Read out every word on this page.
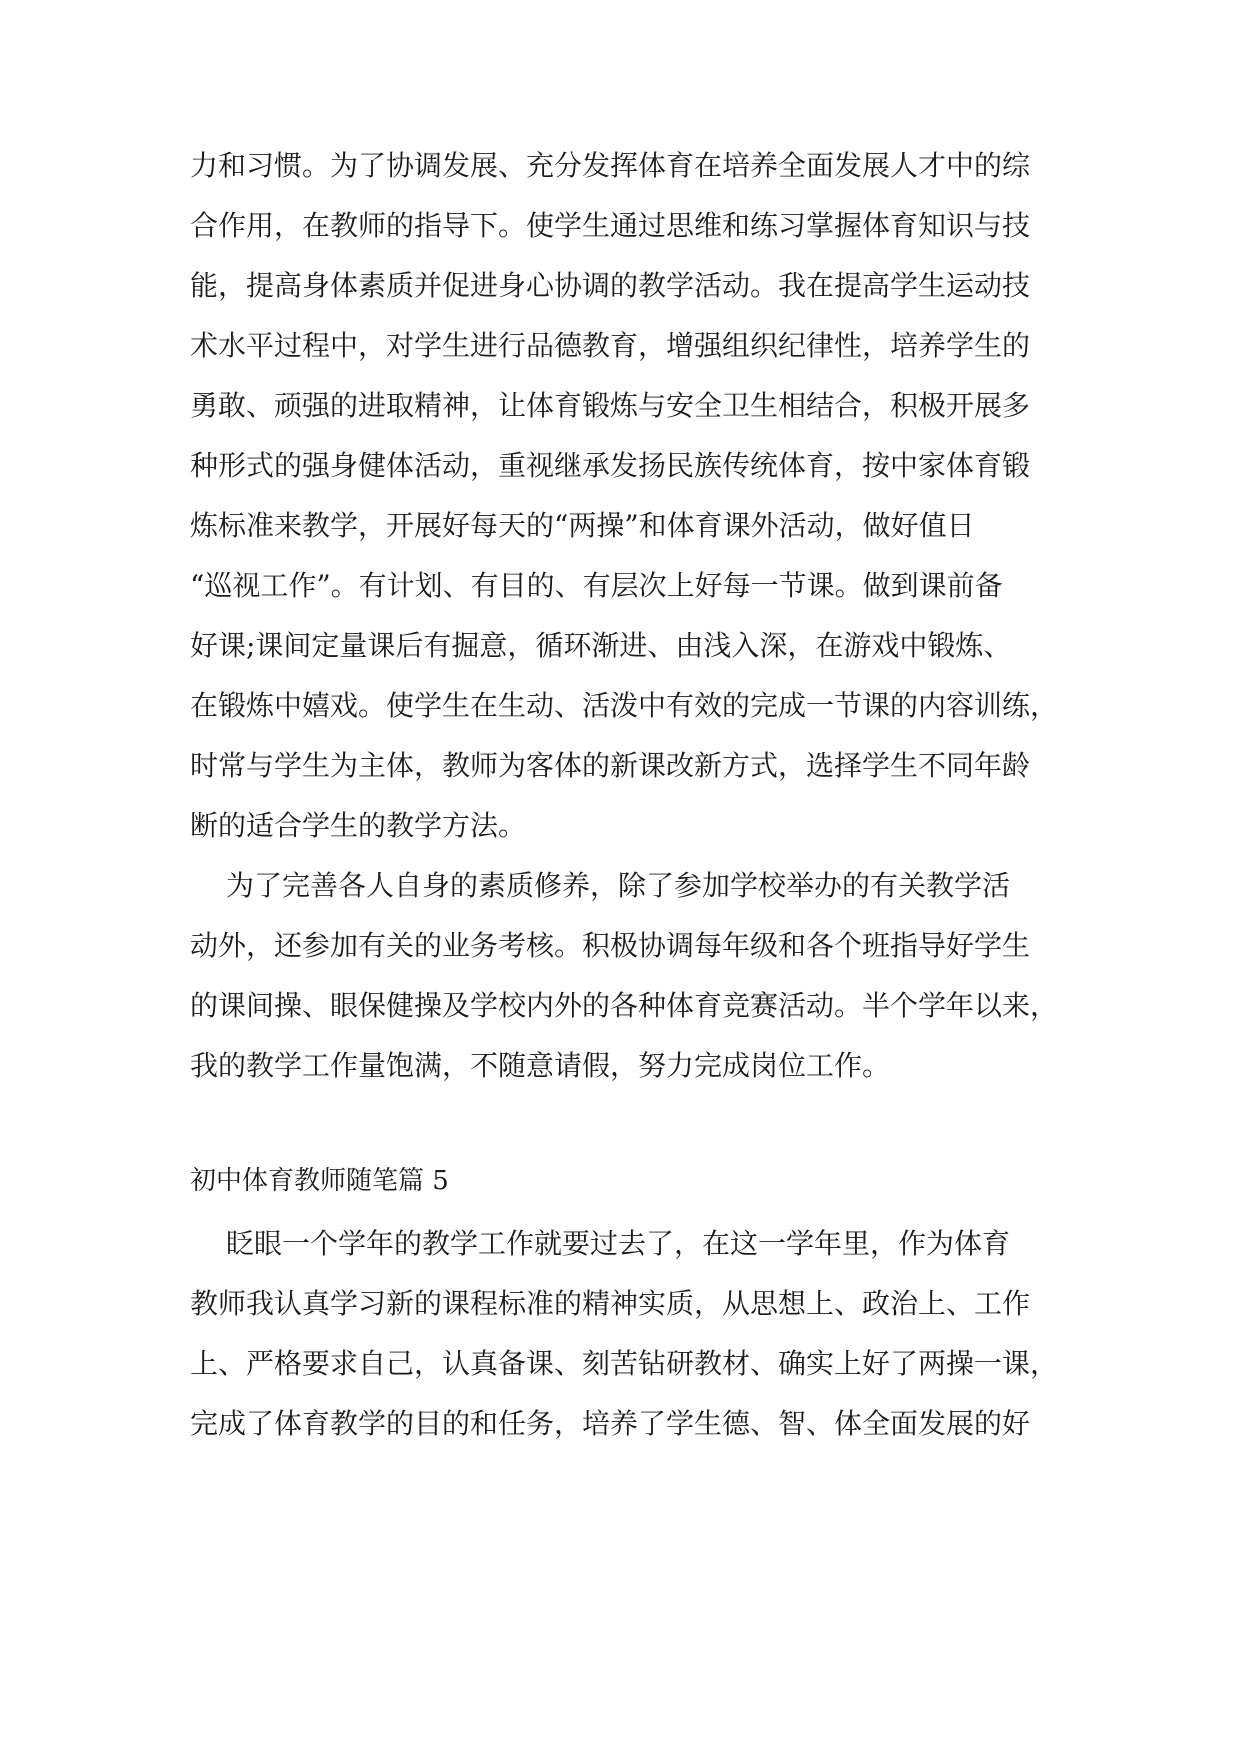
力和习惯。为了协调发展、充分发挥体育在培养全面发展人才中的综
合作用，在教师的指导下。使学生通过思维和练习掌握体育知识与技
能，提高身体素质并促进身心协调的教学活动。我在提高学生运动技
术水平过程中，对学生进行品德教育，增强组织纪律性，培养学生的
勇敢、顽强的进取精神，让体育锻炼与安全卫生相结合，积极开展多
种形式的强身健体活动，重视继承发扬民族传统体育，按中家体育锻
炼标准来教学，开展好每天的“两操”和体育课外活动，做好值日
“巡视工作”。有计划、有目的、有层次上好每一节课。做到课前备
好课;课间定量课后有掘意，循环渐进、由浅入深，在游戏中锻炼、
在锻炼中嬉戏。使学生在生动、活泼中有效的完成一节课的内容训练，
时常与学生为主体，教师为客体的新课改新方式，选择学生不同年龄
断的适合学生的教学方法。
为了完善各人自身的素质修养，除了参加学校举办的有关教学活
动外，还参加有关的业务考核。积极协调每年级和各个班指导好学生
的课间操、眼保健操及学校内外的各种体育竞赛活动。半个学年以来，
我的教学工作量饱满，不随意请假，努力完成岗位工作。
初中体育教师随笔篇 5
眨眼一个学年的教学工作就要过去了，在这一学年里，作为体育
教师我认真学习新的课程标准的精神实质，从思想上、政治上、工作
上、严格要求自己，认真备课、刻苦钻研教材、确实上好了两操一课，
完成了体育教学的目的和任务，培养了学生德、智、体全面发展的好
